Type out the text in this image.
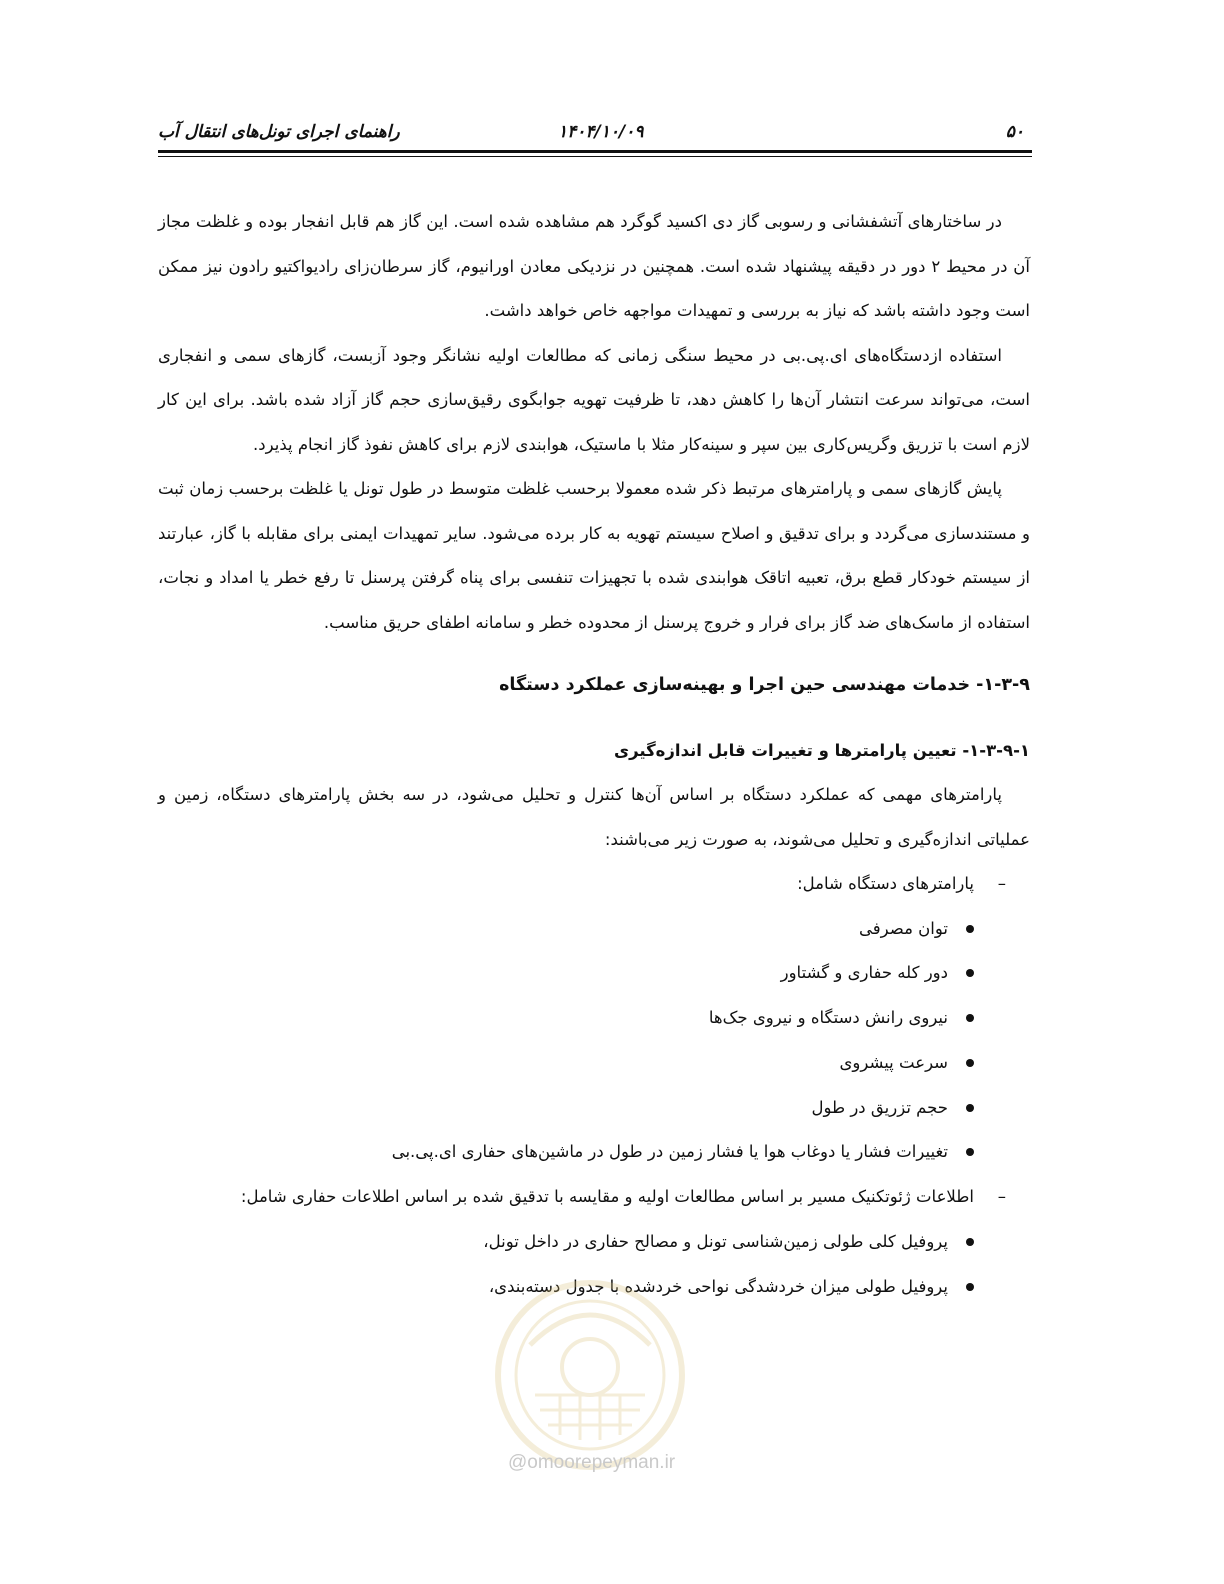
راهنمای اجرای تونل‌های انتقال آب	۱۴۰۴/۱۰/۰۹	۵۰

در ساختارهای آتشفشانی و رسوبی گاز دی اکسید گوگرد هم مشاهده شده است. این گاز هم قابل انفجار بوده و غلظت مجاز آن در محیط ۲ دور در دقیقه پیشنهاد شده است. همچنین در نزدیکی معادن اورانیوم، گاز سرطان‌زای رادیواکتیو رادون نیز ممکن است وجود داشته باشد که نیاز به بررسی و تمهیدات مواجهه خاص خواهد داشت.

استفاده ازدستگاه‌های ای.پی.بی در محیط سنگی زمانی که مطالعات اولیه نشانگر وجود آزبست، گازهای سمی و انفجاری است، می‌تواند سرعت انتشار آن‌ها را کاهش دهد، تا ظرفیت تهویه جوابگوی رقیق‌سازی حجم گاز آزاد شده باشد. برای این کار لازم است با تزریق وگریس‌کاری بین سپر و سینه‌کار مثلا با ماستیک، هوابندی لازم برای کاهش نفوذ گاز انجام پذیرد.

پایش گازهای سمی و پارامترهای مرتبط ذکر شده معمولا برحسب غلظت متوسط در طول تونل یا غلظت برحسب زمان ثبت و مستندسازی می‌گردد و برای تدقیق و اصلاح سیستم تهویه به کار برده می‌شود. سایر تمهیدات ایمنی برای مقابله با گاز، عبارتند از سیستم خودکار قطع برق، تعبیه اتاقک هوابندی شده با تجهیزات تنفسی برای پناه گرفتن پرسنل تا رفع خطر یا امداد و نجات، استفاده از ماسک‌های ضد گاز برای فرار و خروج پرسنل از محدوده خطر و سامانه اطفای حریق مناسب.

۱-۳-۹- خدمات مهندسی حین اجرا و بهینه‌سازی عملکرد دستگاه
۱-۳-۹-۱- تعیین پارامترها و تغییرات قابل اندازه‌گیری

پارامترهای مهمی که عملکرد دستگاه بر اساس آن‌ها کنترل و تحلیل می‌شود، در سه بخش پارامترهای دستگاه، زمین و عملیاتی اندازه‌گیری و تحلیل می‌شوند، به صورت زیر می‌باشند:

–
پارامترهای دستگاه شامل:
توان مصرفی
دور کله حفاری و گشتاور
نیروی رانش دستگاه و نیروی جک‌ها
سرعت پیشروی
حجم تزریق در طول
تغییرات فشار یا دوغاب هوا یا فشار زمین در طول در ماشین‌های حفاری ای.پی.بی
–
اطلاعات ژئوتکنیک مسیر بر اساس مطالعات اولیه و مقایسه با تدقیق شده بر اساس اطلاعات حفاری شامل:
پروفیل کلی طولی زمین‌شناسی تونل و مصالح حفاری در داخل تونل،
پروفیل طولی میزان خردشدگی نواحی خردشده با جدول دسته‌بندی،
@omoorepeyman.ir
